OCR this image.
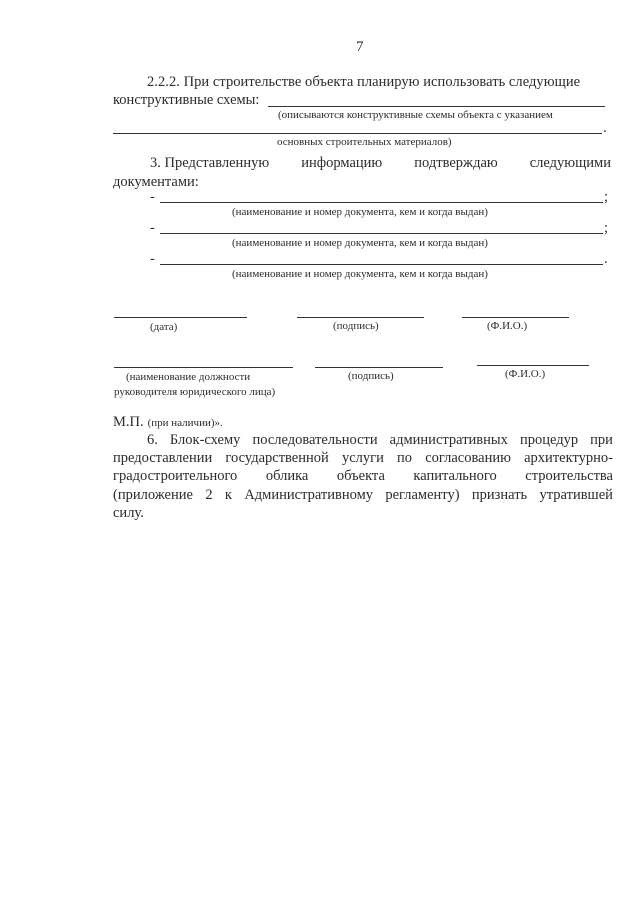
7
2.2.2. При строительстве объекта планирую использовать следующие
конструктивные схемы:
(описываются конструктивные схемы объекта с указанием
.
основных строительных материалов)
3. Представленную информацию подтверждаю следующими
документами:
-	;
(наименование и номер документа, кем и когда выдан)
-	;
(наименование и номер документа, кем и когда выдан)
-	.
(наименование и номер документа, кем и когда выдан)
(дата)	(подпись)	(Ф.И.О.)
(наименование должности
руководителя юридического лица)
(подпись)	(Ф.И.О.)
М.П. (при наличии)».
6. Блок-схему последовательности административных процедур при
предоставлении государственной услуги по согласованию архитектурно-
градостроительного облика объекта капитального строительства
(приложение 2 к Административному регламенту) признать утратившей
силу.
